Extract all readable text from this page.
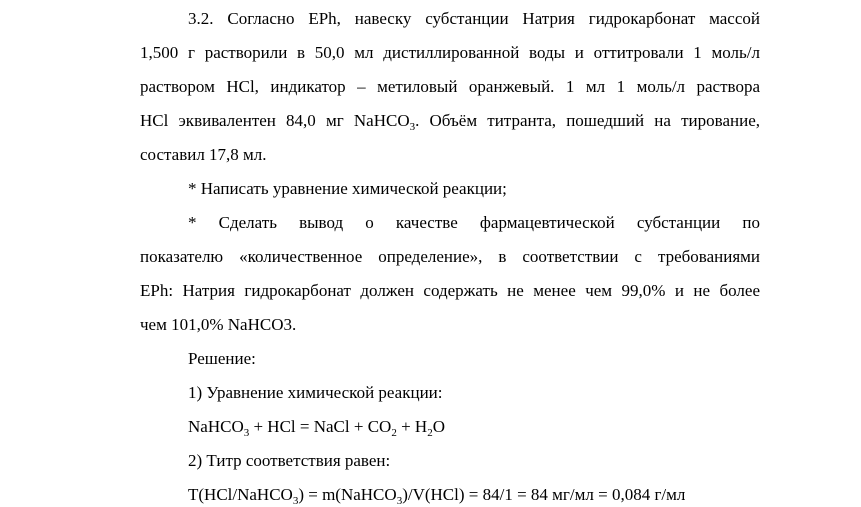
3.2. Согласно EPh, навеску субстанции Натрия гидрокарбонат массой
1,500 г растворили в 50,0 мл дистиллированной воды и оттитровали 1 моль/л
раствором HCl, индикатор – метиловый оранжевый. 1 мл 1 моль/л раствора
HCl эквивалентен 84,0 мг NaHCO$_3$. Объём титранта, пошедший на тирование,
составил 17,8 мл.
* Написать уравнение химической реакции;
* Сделать вывод о качестве фармацевтической субстанции по
показателю «количественное определение», в соответствии с требованиями
EPh: Натрия гидрокарбонат должен содержать не менее чем 99,0% и не более
чем 101,0% NaHCO3.
Решение:
1) Уравнение химической реакции:
NaHCO$_3$ + HCl = NaCl + $CO_2 + H_2O$
2) Титр соответствия равен:
T(HCl/NaHCO$_3$) = m(NaHCO$_3$)/V(HCl) = 84/1 = 84 мг/мл = 0,084 г/мл
